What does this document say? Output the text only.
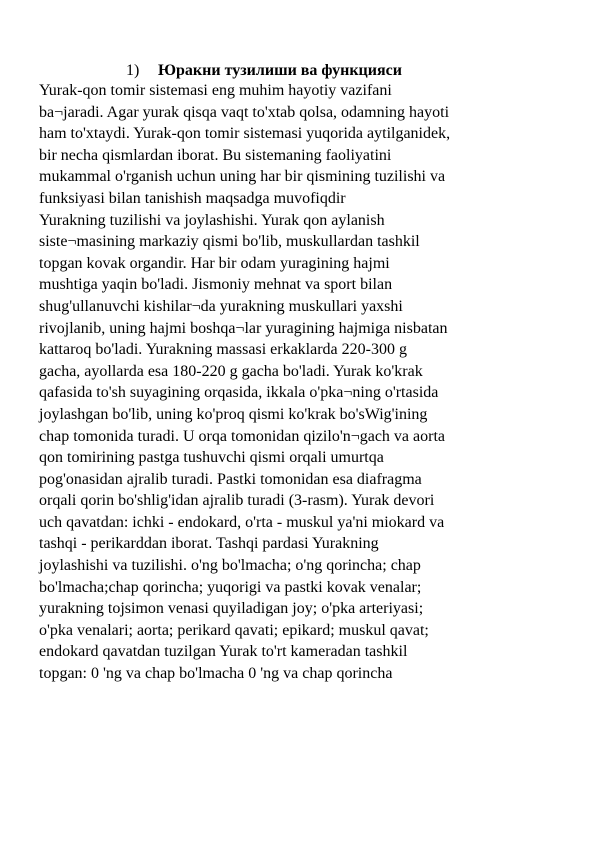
1) Юракни тузилиши ва функцияси
Yurak-qon tomir sistemasi eng muhim hayotiy vazifani
ba¬jaradi. Agar yurak qisqa vaqt to'xtab qolsa, odamning hayoti
ham to'xtaydi. Yurak-qon tomir sistemasi yuqorida aytilganidek,
bir necha qismlardan iborat. Bu sistemaning faoliyatini
mukammal o'rganish uchun uning har bir qismining tuzilishi va
funksiyasi bilan tanishish maqsadga muvofiqdir
Yurakning tuzilishi va joylashishi. Yurak qon aylanish
siste¬masining markaziy qismi bo'lib, muskullardan tashkil
topgan kovak organdir. Har bir odam yuragining hajmi
mushtiga yaqin bo'ladi. Jismoniy mehnat va sport bilan
shug'ullanuvchi kishilar¬da yurakning muskullari yaxshi
rivojlanib, uning hajmi boshqa¬lar yuragining hajmiga nisbatan
kattaroq bo'ladi. Yurakning massasi erkaklarda 220-300 g
gacha, ayollarda esa 180-220 g gacha bo'ladi. Yurak ko'krak
qafasida to'sh suyagining orqasida, ikkala o'pka¬ning o'rtasida
joylashgan bo'lib, uning ko'proq qismi ko'krak bo'sWig'ining
chap tomonida turadi. U orqa tomonidan qizilo'n¬gach va aorta
qon tomirining pastga tushuvchi qismi orqali umurtqa
pog'onasidan ajralib turadi. Pastki tomonidan esa diafragma
orqali qorin bo'shlig'idan ajralib turadi (3-rasm). Yurak devori
uch qavatdan: ichki - endokard, o'rta - muskul ya'ni miokard va
tashqi - perikarddan iborat. Tashqi pardasi Yurakning
joylashishi va tuzilishi. o'ng bo'lmacha; o'ng qorincha; chap
bo'lmacha;chap qorincha; yuqorigi va pastki kovak venalar;
yurakning tojsimon venasi quyiladigan joy; o'pka arteriyasi;
o'pka venalari; aorta; perikard qavati; epikard; muskul qavat;
endokard qavatdan tuzilgan Yurak to'rt kameradan tashkil
topgan: 0 'ng va chap bo'lmacha 0 'ng va chap qorincha
